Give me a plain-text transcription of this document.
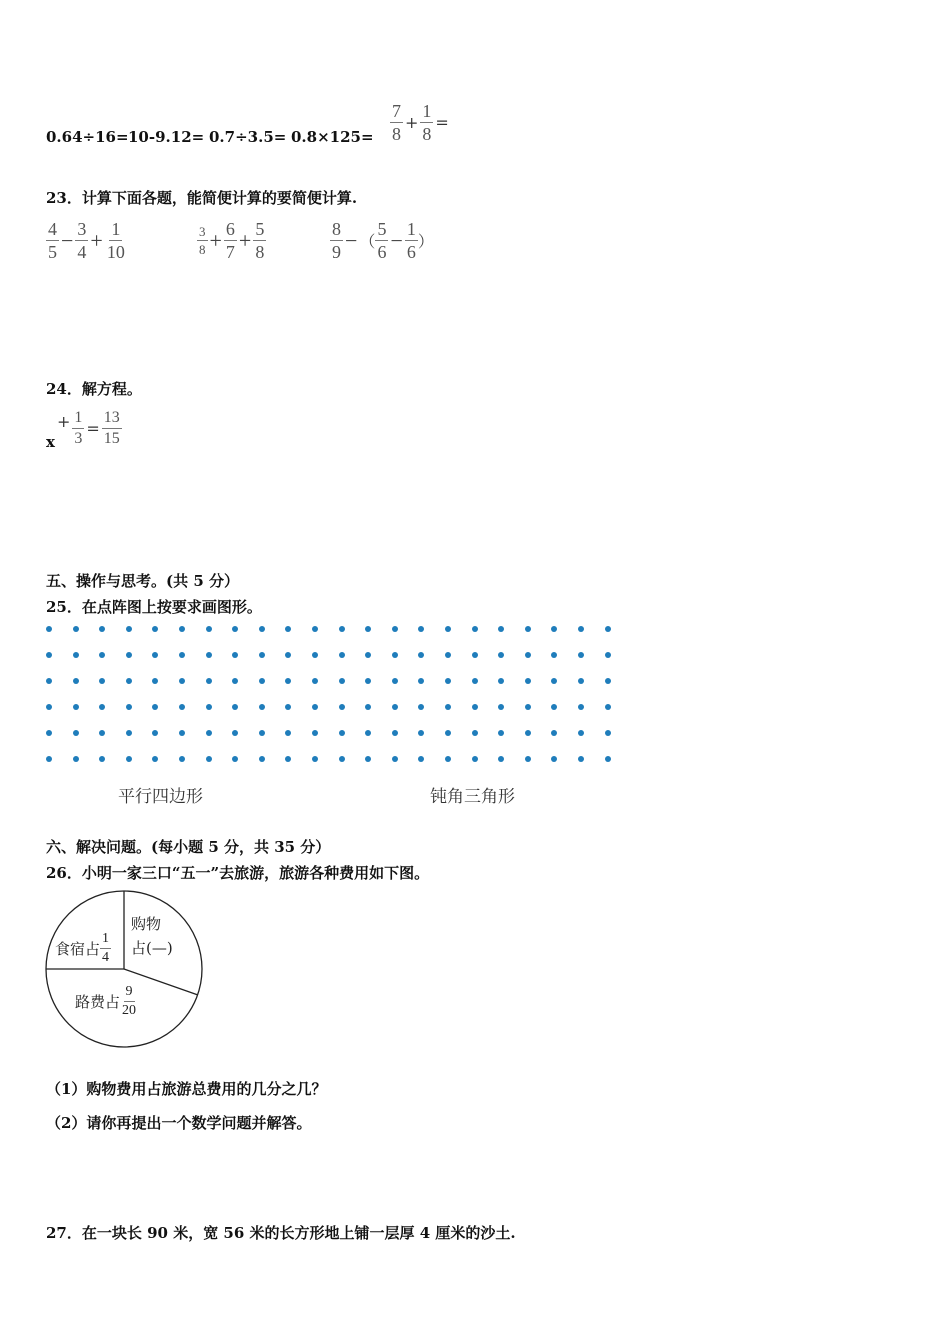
$0.64\div 16= 10-9.12= 0.7\div 3.5= 0.8\times 125= \frac{7}{8} + \frac{1}{8}$ =
23．计算下面各题，能简便计算的要简便计算.
$\frac{4}{5} - \frac{3}{4} + \frac{1}{10}$	$\frac{3}{8} + \frac{6}{7} + \frac{5}{8}$	$\frac{8}{9}$ − （ $\frac{5}{6} - \frac{1}{6}$ ）
24．解方程。
$x+ \frac{1}{3} = \frac{13}{15}$
五、操作与思考。(共 5 分）
25．在点阵图上按要求画图形。
平行四边形	钝角三角形
六、解决问题。(每小题 5 分，共 35 分）
26．小明一家三口“五一”去旅游，旅游各种费用如下图。
食宿占 $\frac{1}{4}$
购物
占(—)
路费占 $\frac{9}{20}$
（1）购物费用占旅游总费用的几分之几？
（2）请你再提出一个数学问题并解答。
27．在一块长 90 米，宽 56 米的长方形地上铺一层厚 4 厘米的沙土.
